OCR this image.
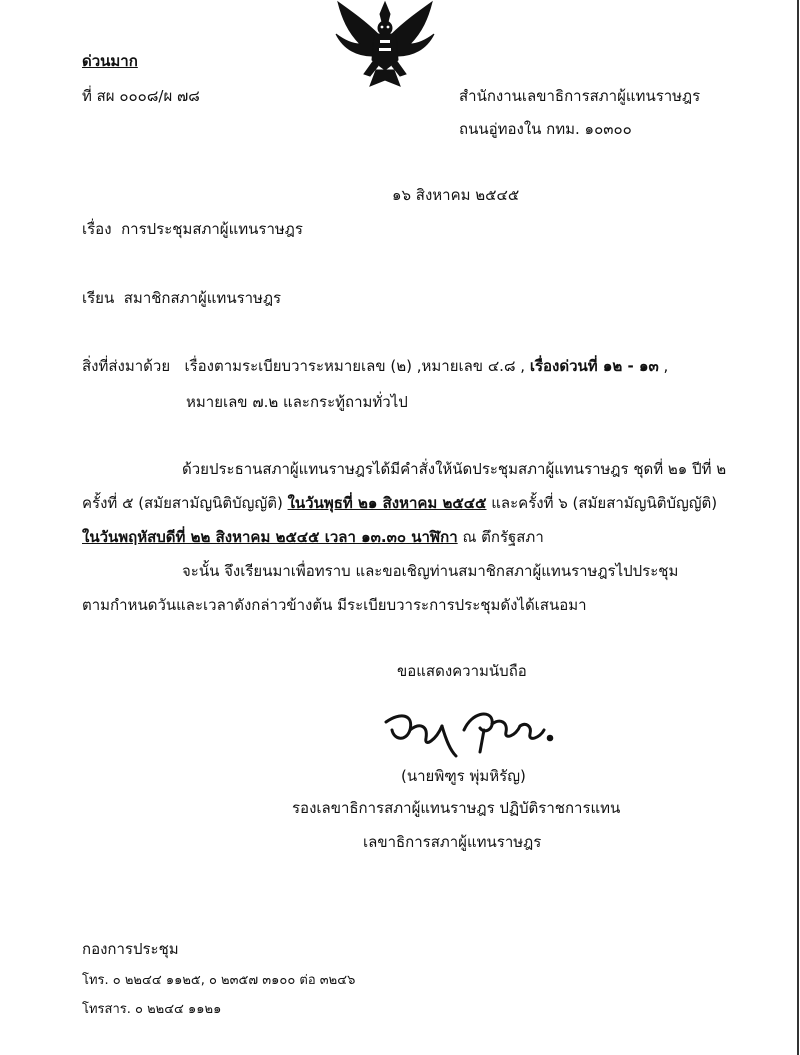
ด่วนมาก
ที่ สผ ๐๐๐๘/ผ ๗๘	สำนักงานเลขาธิการสภาผู้แทนราษฎร
ถนนอู่ทองใน กทม. ๑๐๓๐๐
๑๖ สิงหาคม ๒๕๔๕
เรื่อง การประชุมสภาผู้แทนราษฎร
เรียน สมาชิกสภาผู้แทนราษฎร
สิ่งที่ส่งมาด้วย เรื่องตามระเบียบวาระหมายเลข (๒) ,หมายเลข ๔.๘ , เรื่องด่วนที่ ๑๒ - ๑๓ ,
หมายเลข ๗.๒ และกระทู้ถามทั่วไป
ด้วยประธานสภาผู้แทนราษฎรได้มีคำสั่งให้นัดประชุมสภาผู้แทนราษฎร ชุดที่ ๒๑ ปีที่ ๒
ครั้งที่ ๕ (สมัยสามัญนิติบัญญัติ) ในวันพุธที่ ๒๑ สิงหาคม ๒๕๔๕ และครั้งที่ ๖ (สมัยสามัญนิติบัญญัติ)
ในวันพฤหัสบดีที่ ๒๒ สิงหาคม ๒๕๔๕ เวลา ๑๓.๓๐ นาฬิกา ณ ตึกรัฐสภา
จะนั้น จึงเรียนมาเพื่อทราบ และขอเชิญท่านสมาชิกสภาผู้แทนราษฎรไปประชุม
ตามกำหนดวันและเวลาดังกล่าวข้างต้น มีระเบียบวาระการประชุมดังได้เสนอมา
ขอแสดงความนับถือ
(นายพิฑูร พุ่มหิรัญ)
รองเลขาธิการสภาผู้แทนราษฎร ปฏิบัติราชการแทน
เลขาธิการสภาผู้แทนราษฎร
กองการประชุม
โทร. ๐ ๒๒๔๔ ๑๑๒๕, ๐ ๒๓๕๗ ๓๑๐๐ ต่อ ๓๒๔๖
โทรสาร. ๐ ๒๒๔๔ ๑๑๒๑
